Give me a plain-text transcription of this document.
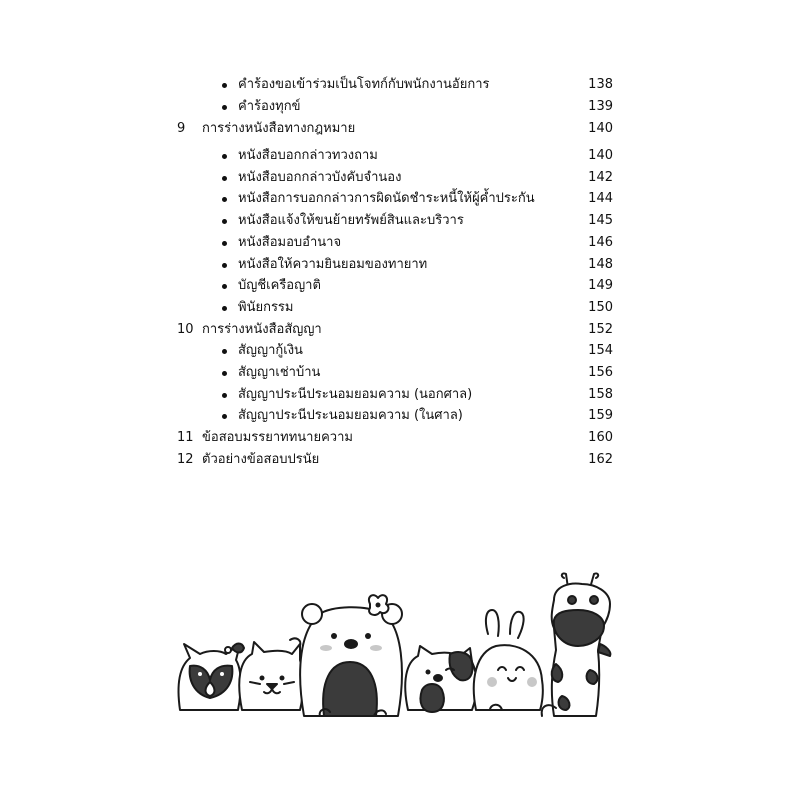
คำร้องขอเข้าร่วมเป็นโจทก์กับพนักงานอัยการ	138
คำร้องทุกข์	139
9 การร่างหนังสือทางกฎหมาย	140
หนังสือบอกกล่าวทวงถาม	140
หนังสือบอกกล่าวบังคับจำนอง	142
หนังสือการบอกกล่าวการผิดนัดชำระหนี้ให้ผู้ค้ำประกัน	144
หนังสือแจ้งให้ขนย้ายทรัพย์สินและบริวาร	145
หนังสือมอบอำนาจ	146
หนังสือให้ความยินยอมของทายาท	148
บัญชีเครือญาติ	149
พินัยกรรม	150
10 การร่างหนังสือสัญญา	152
สัญญากู้เงิน	154
สัญญาเช่าบ้าน	156
สัญญาประนีประนอมยอมความ (นอกศาล)	158
สัญญาประนีประนอมยอมความ (ในศาล)	159
11 ข้อสอบมรรยาททนายความ	160
12 ตัวอย่างข้อสอบปรนัย	162
